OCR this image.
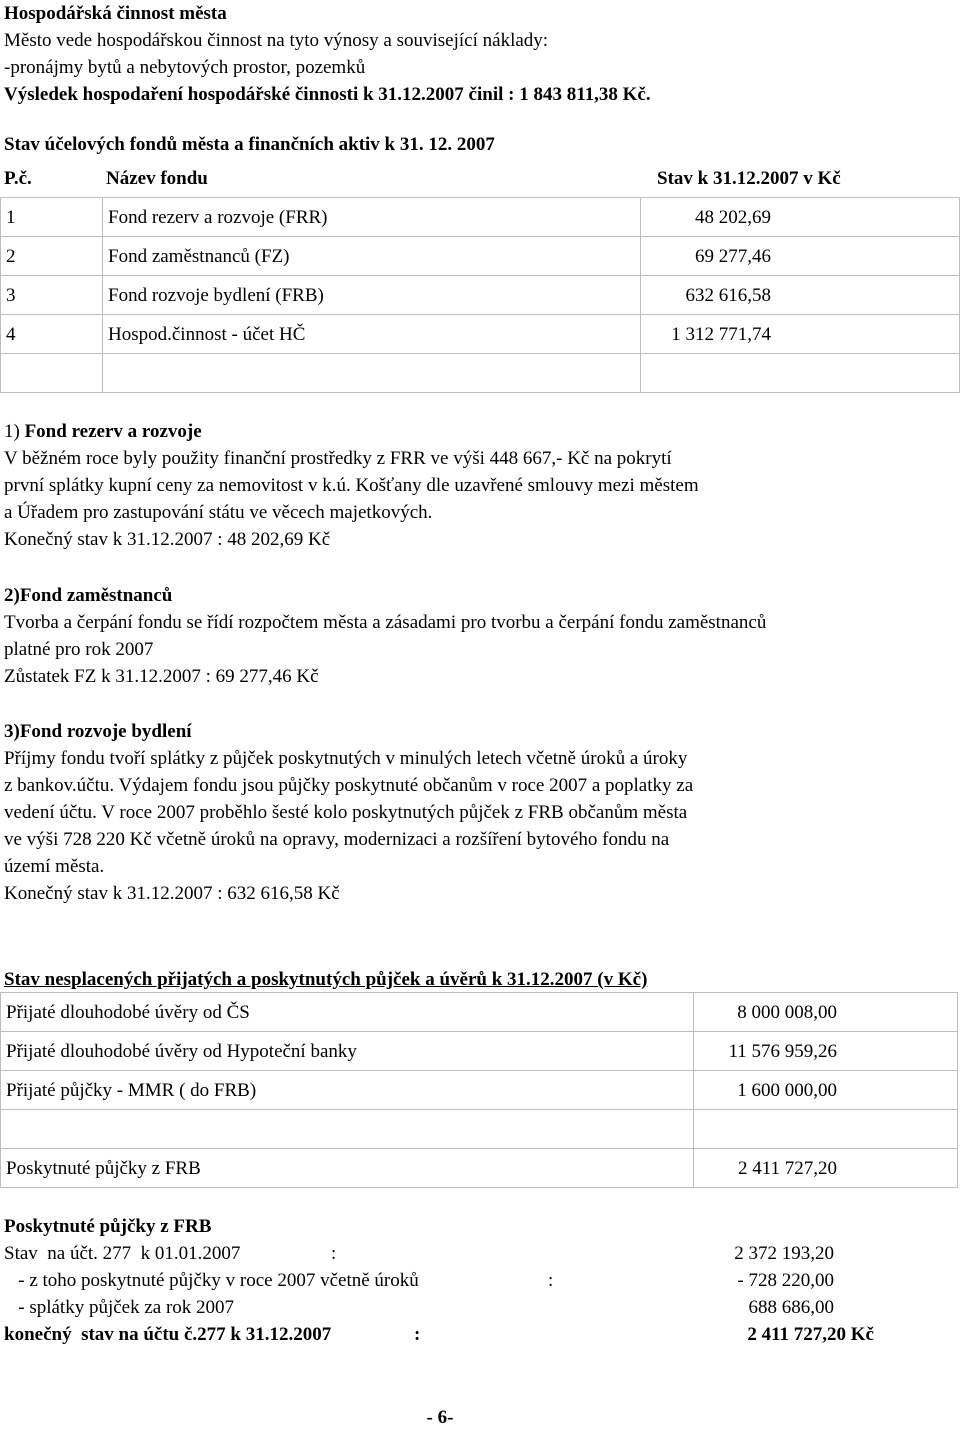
Hospodářská činnost města
Město vede hospodářskou činnost na tyto výnosy a související náklady:
-pronájmy bytů a nebytových prostor, pozemků
Výsledek hospodaření hospodářské činnosti k 31.12.2007 činil : 1 843 811,38 Kč.
Stav účelových fondů města a finančních aktiv k 31. 12. 2007
P.č.	Název fondu	Stav k 31.12.2007 v Kč
1	Fond rezerv a rozvoje (FRR)	48 202,69
2	Fond zaměstnanců (FZ)	69 277,46
3	Fond rozvoje bydlení (FRB)	632 616,58
4	Hospod.činnost - účet HČ	1 312 771,74

1) Fond rezerv a rozvoje
V běžném roce byly použity finanční prostředky z FRR ve výši 448 667,- Kč na pokrytí
první splátky kupní ceny za nemovitost v k.ú. Košťany dle uzavřené smlouvy mezi městem
a Úřadem pro zastupování státu ve věcech majetkových.
Konečný stav k 31.12.2007 : 48 202,69 Kč
2)Fond zaměstnanců
Tvorba a čerpání fondu se řídí rozpočtem města a zásadami pro tvorbu a čerpání fondu zaměstnanců
platné pro rok 2007
Zůstatek FZ k 31.12.2007 : 69 277,46 Kč
3)Fond rozvoje bydlení
Příjmy fondu tvoří splátky z půjček poskytnutých v minulých letech včetně úroků a úroky
z bankov.účtu. Výdajem fondu jsou půjčky poskytnuté občanům v roce 2007 a poplatky za
vedení účtu. V roce 2007 proběhlo šesté kolo poskytnutých půjček z FRB občanům města
ve výši 728 220 Kč včetně úroků na opravy, modernizaci a rozšíření bytového fondu na
území města.
Konečný stav k 31.12.2007 : 632 616,58 Kč
Stav nesplacených přijatých a poskytnutých půjček a úvěrů k 31.12.2007 (v Kč)
Přijaté dlouhodobé úvěry od ČS	8 000 008,00
Přijaté dlouhodobé úvěry od Hypoteční banky	11 576 959,26
Přijaté půjčky - MMR ( do FRB)	1 600 000,00

Poskytnuté půjčky z FRB	2 411 727,20
Poskytnuté půjčky z FRB
Stav  na účt. 277  k 01.01.2007	:	2 372 193,20
- z toho poskytnuté půjčky v roce 2007 včetně úroků	:	- 728 220,00
- splátky půjček za rok 2007	688 686,00
konečný  stav na účtu č.277 k 31.12.2007	:	2 411 727,20 Kč
- 6-
